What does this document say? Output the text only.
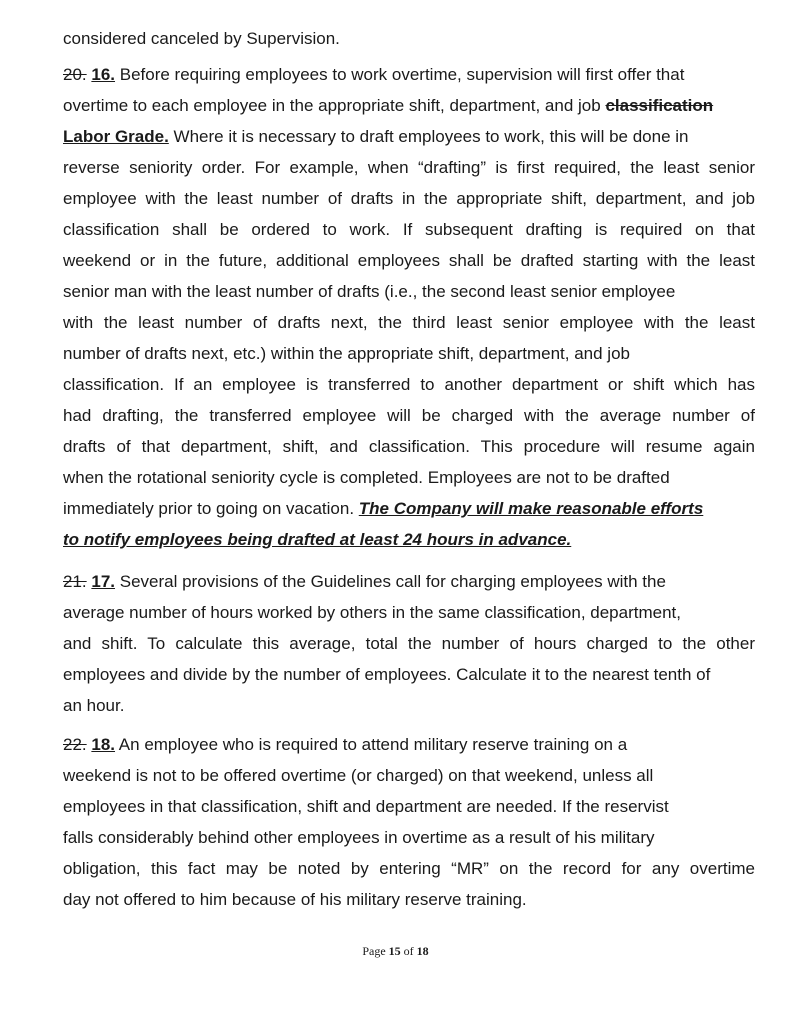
considered canceled by Supervision.
20. 16. Before requiring employees to work overtime, supervision will first offer that
overtime to each employee in the appropriate shift, department, and job classification
Labor Grade. Where it is necessary to draft employees to work, this will be done in
reverse seniority order. For example, when “drafting” is first required, the least senior
employee with the least number of drafts in the appropriate shift, department, and job
classification shall be ordered to work. If subsequent drafting is required on that
weekend or in the future, additional employees shall be drafted starting with the least
senior man with the least number of drafts (i.e., the second least senior employee
with the least number of drafts next, the third least senior employee with the least
number of drafts next, etc.) within the appropriate shift, department, and job
classification. If an employee is transferred to another department or shift which has
had drafting, the transferred employee will be charged with the average number of
drafts of that department, shift, and classification. This procedure will resume again
when the rotational seniority cycle is completed. Employees are not to be drafted
immediately prior to going on vacation. The Company will make reasonable efforts
to notify employees being drafted at least 24 hours in advance.
21. 17. Several provisions of the Guidelines call for charging employees with the
average number of hours worked by others in the same classification, department,
and shift. To calculate this average, total the number of hours charged to the other
employees and divide by the number of employees. Calculate it to the nearest tenth of
an hour.
22. 18. An employee who is required to attend military reserve training on a
weekend is not to be offered overtime (or charged) on that weekend, unless all
employees in that classification, shift and department are needed. If the reservist
falls considerably behind other employees in overtime as a result of his military
obligation, this fact may be noted by entering “MR” on the record for any overtime
day not offered to him because of his military reserve training.
Page 15 of 18
